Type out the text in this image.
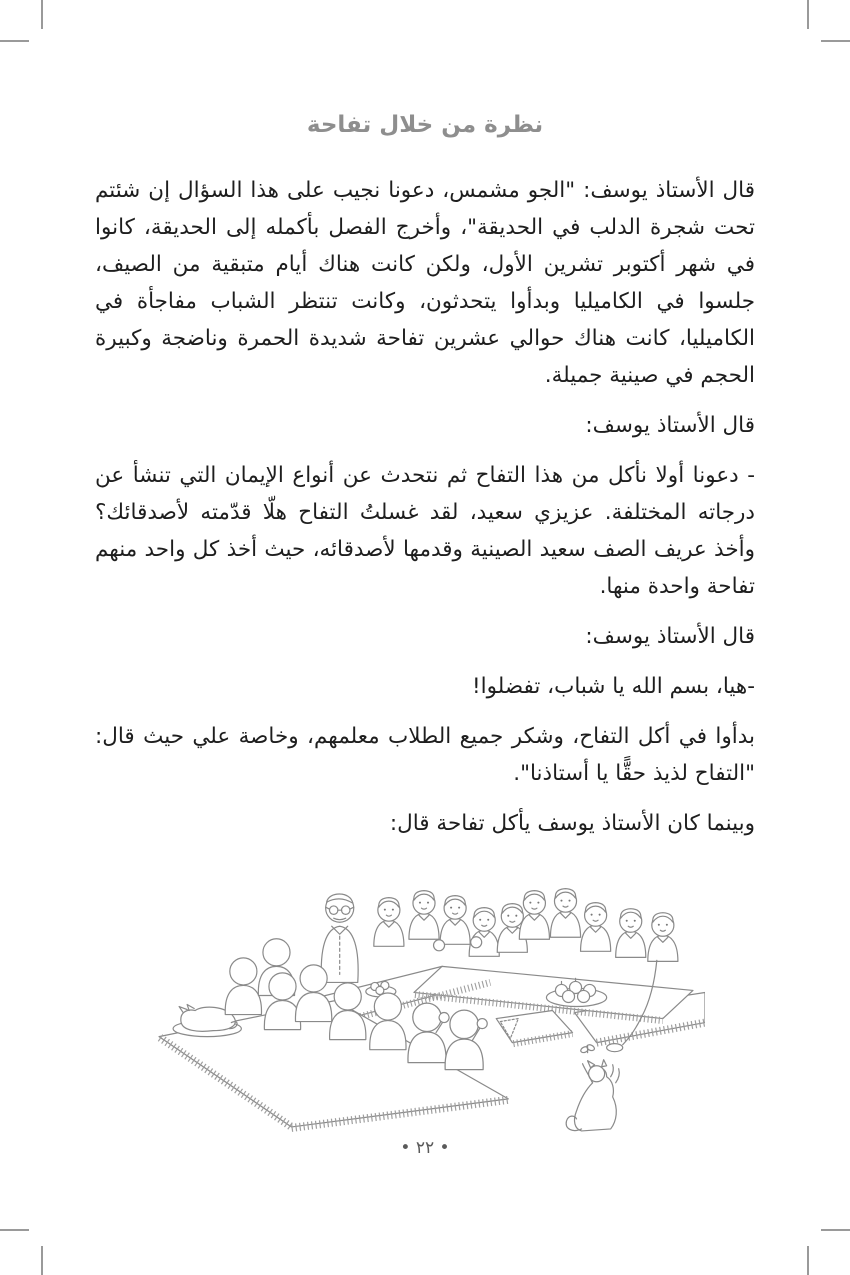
نظرة من خلال تفاحة

قال الأستاذ يوسف: "الجو مشمس، دعونا نجيب على هذا السؤال إن شئتم تحت شجرة الدلب في الحديقة"، وأخرج الفصل بأكمله إلى الحديقة، كانوا في شهر أكتوبر تشرين الأول، ولكن كانت هناك أيام متبقية من الصيف، جلسوا في الكاميليا وبدأوا يتحدثون، وكانت تنتظر الشباب مفاجأة في الكاميليا، كانت هناك حوالي عشرين تفاحة شديدة الحمرة وناضجة وكبيرة الحجم في صينية جميلة.

قال الأستاذ يوسف:

- دعونا أولا نأكل من هذا التفاح ثم نتحدث عن أنواع الإيمان التي تنشأ عن درجاته المختلفة. عزيزي سعيد، لقد غسلتُ التفاح هلّا قدّمته لأصدقائك؟ وأخذ عريف الصف سعيد الصينية وقدمها لأصدقائه، حيث أخذ كل واحد منهم تفاحة واحدة منها.

قال الأستاذ يوسف:

-هيا، بسم الله يا شباب، تفضلوا!

بدأوا في أكل التفاح، وشكر جميع الطلاب معلمهم، وخاصة علي حيث قال: "التفاح لذيذ حقًّا يا أستاذنا".

وبينما كان الأستاذ يوسف يأكل تفاحة قال:

• ٢٢ •
